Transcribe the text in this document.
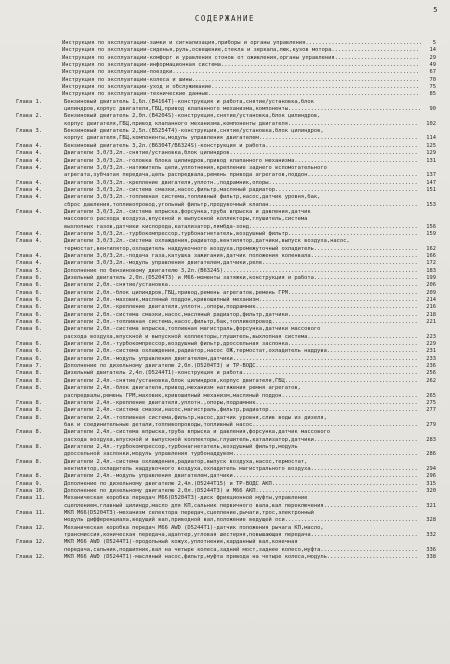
5
СОДЕРЖАНИЕ
Инструкция по эксплуатации-замки и сигнализация,приборы и органы управления....................................	5
Инструкция по эксплуатации-сиденья,руль,освещение,стекла и зеркала,люк,кузов мотора...........................	14
Инструкция по эксплуатации-комфорт и уравления стонов от оживления,органы управления..........................	29
Инструкция по эксплуатации-информационная система.............................................................	49
Инструкция по эксплуатации-поездки............................................................................	67
Инструкция по эксплуатации-колеса и шины......................................................................	70
Инструкция по эксплуатации-уход и обслуживание................................................................	75
Инструкция по эксплуатации-технические данные.................................................................	85
Глава 1.	Бензиновый двигатель 1,6л.(B4164T)-конструкция и работа,снятие/установка,блок
цилиндров,корпус двигателя,ГБЦ,привод клапанного механизма,компоненты.........................................	90
Глава 2.	Бензиновый двигатель 2,0л.(B4204S)-конструкция,снятие/установка,блок цилиндров,
корпус двигателя,ГБЦ,привод клапанного механизма,компоненты двигателя........................................	102
Глава 3.	Бензиновый двигатель 2,5л.(B5254T4)-конструкция,снятие/установка,блок цилиндров,
корпус двигателя,ГБЦ,компоненты,модуль управления двигателем.................................................	114
Глава 4.	Бензиновый двигатель 3,2л.(B6304T/B6324S)-конструкция и работа...............................................	125
Глава 4.	Двигатели 3,0/3,2л.-снятие/установка,блок цилиндров..........................................................	129
Глава 4.	Двигатели 3,0/3,2л.-головка блока цилиндров,привод клапанного механизма......................................	131
Глава 4.	Двигатели 3,0/3,2л.-натяжитель цепи,уплотнения,крепление заднего вспомогательного
агрегата,зубчатая передача,цепь распредвала,ремень привода агрегатов,поддон..................................	137
Глава 4.	Двигатели 3,0/3,2л.-крепление двигателя,уплотн.,подрамник,опоры..............................................	147
Глава 4.	Двигатели 3,0/3,2л.-система смазки,насос,фильтр,масляный радиатор............................................	151
Глава 4.	Двигатели 3,0/3,2л.-топливная система,топливный фильтр,насос,датчик уровня,бак,
сброс давления,топливопровод,угольный фильтр,продувочный клапан..............................................	153
Глава 4.	Двигатели 3,0/3,2л.-система впрыска,форсунка,труба впрыска и давления,датчик
массового расхода воздуха,впускной и выпускной коллекторы,глушитель,система
выхлопных газов,датчики кислорода,катализатор,лямбда-зонд....................................................	156
Глава 4.	Двигатели 3,0/3,2л.-турбокомпрессор,турбонагнетатель,воздушный фильтр........................................	159
Глава 4.	Двигатели 3,0/3,2л.-система охлаждения,радиатор,вентилятор,датчики,выпуск воздуха,насос,
термостат,вентилятор,охладитель наддувочного воздуха,промежуточный охладитель................................	162
Глава 4.	Двигатели 3,0/3,2л.-подача газа,катушка зажигания,датчик положения коленвала.................................	166
Глава 4.	Двигатели 3,0/3,2л.-модуль управления двигателем,датчики,реле................................................	172
Глава 5.	Дополнение по бензиновому двигателю 3,2л.(B6324S)............................................................	183
Глава 6.	Дизельный двигатель 2,0л.(D5204T3) и M66-моменты затяжки,конструкция и работа................................	199
Глава 6.	Двигатели 2,0л.-снятие/установка.............................................................................	206
Глава 6.	Двигатели 2,0л.-блок цилиндров,ГБЦ,привод,ремень агрегатов,ремень ГРМ........................................	209
Глава 6.	Двигатели 2,0л.-маховик,масляный поддон,кривошипный механизм.................................................	214
Глава 6.	Двигатели 2,0л.-крепление двигателя,уплотн.,опоры,подрамник..................................................	216
Глава 6.	Двигатели 2,0л.-система смазки,насос,масляный радиатор,фильтр,датчики........................................	218
Глава 6.	Двигатели 2,0л.-топливная система,насос,фильтр,бак,топливопровод.............................................	221
Глава 6.	Двигатели 2,0л.-система впрыска,топливная магистраль,форсунка,датчики массового
расхода воздуха,впускной и выпускной коллекторы,глушитель,выхлопная система..................................	223
Глава 6.	Двигатели 2,0л.-турбокомпрессор,воздушный фильтр,дроссельная заслонка........................................	229
Глава 6.	Двигатели 2,0л.-система охлаждения,радиатор,насос ОЖ,термостат,охладитель наддува............................	231
Глава 6.	Двигатели 2,0л.-модуль управления двигателем,датчики.........................................................	233
Глава 7.	Дополнение по дизельному двигателю 2,0л.(D5204T3) и ТР-ВОДС..................................................	236
Глава 8.	Дизельный двигатель 2,4л.(D5244T1)-конструкция и работа......................................................	256
Глава 8.	Двигатели 2,4л.-снятие/установка,блок цилиндров,корпус двигателя,ГБЦ.........................................	262
Глава 8.	Двигатели 2,4л.-блок двигателя,привод,механизм натяжения ремня агрегатов,
распредвалы,ремень ГРМ,маховик,кривошипный механизм,масляный поддон..........................................	265
Глава 8.	Двигатели 2,4л.-крепление двигателя,уплотн.,опоры,подрамник..................................................	275
Глава 8.	Двигатели 2,4л.-система смазки,насос,магистраль,фильтр,радиатор..............................................	277
Глава 8.	Двигатели 2,4л.-топливная система,фильтр,насос,датчик уровня,слив воды из дизеля,
бак и соединительные детали,топливопроводы,топливный насос...................................................	279
Глава 8.	Двигатели 2,4л.-система впрыска,труба впрыска и давления,форсунка,датчик массового
расхода воздуха,впускной и выпускной коллекторы,глушитель,катализатор,датчики................................	283
Глава 8.	Двигатели 2,4л.-турбокомпрессор,турбонагнетатель,воздушный фильтр,модуль
дроссельной заслонки,модуль управления турбонаддувом.........................................................	286
Глава 8.	Двигатели 2,4л.-система охлаждения,радиатор,выпуск воздуха,насос,термостат,
вентилятор,охладитель наддувочного воздуха,охладитель магистрального воздуха.................................	294
Глава 8.	Двигатели 2,4л.-модуль управления двигателем,датчики.........................................................	296
Глава 9.	Дополнение по дизельному двигателю 2,4л.(D5244T15) и ТР-ВОДС АКП.............................................	315
Глава 10.	Дополнение по дизельному двигателю 2,0л.(D5244T3) и М66 АКП..................................................	320
Глава 11.	Механическая коробка передач M66(D5204T3)-диск фрикционной муфты,управление
сцеплением,главный цилиндр,масло для КП,сальник первичного вала,вал переключения.............................	321
Глава 11.	МКП M66(D5204T3)-механизм селектора передач,сцепление,рычаги,трос,электронный
модуль дифференциала,ведущий вал,приводной вал,положение ведущей оси.........................................	328
Глава 12.	Механическая коробка передач M66 AWD (D5244T1)-датчик положения рычага КП,масло,
трансмиссия,коническая передача,адаптер,угловая шестерня,повышающая передача.................................	332
Глава 12.	МКП M66 AWD (D5244T1)-продольный кожух,уплотнения,карданный вал,конечная
передача,сальник,подшипник,вал на четыре колеса,задний мост,заднее колесо,муфта..............................	336
Глава 12.	МКП M66 AWD (D5244T1)-масляный насос,фильтр,муфта привода на четыре колеса,модуль............................	338
